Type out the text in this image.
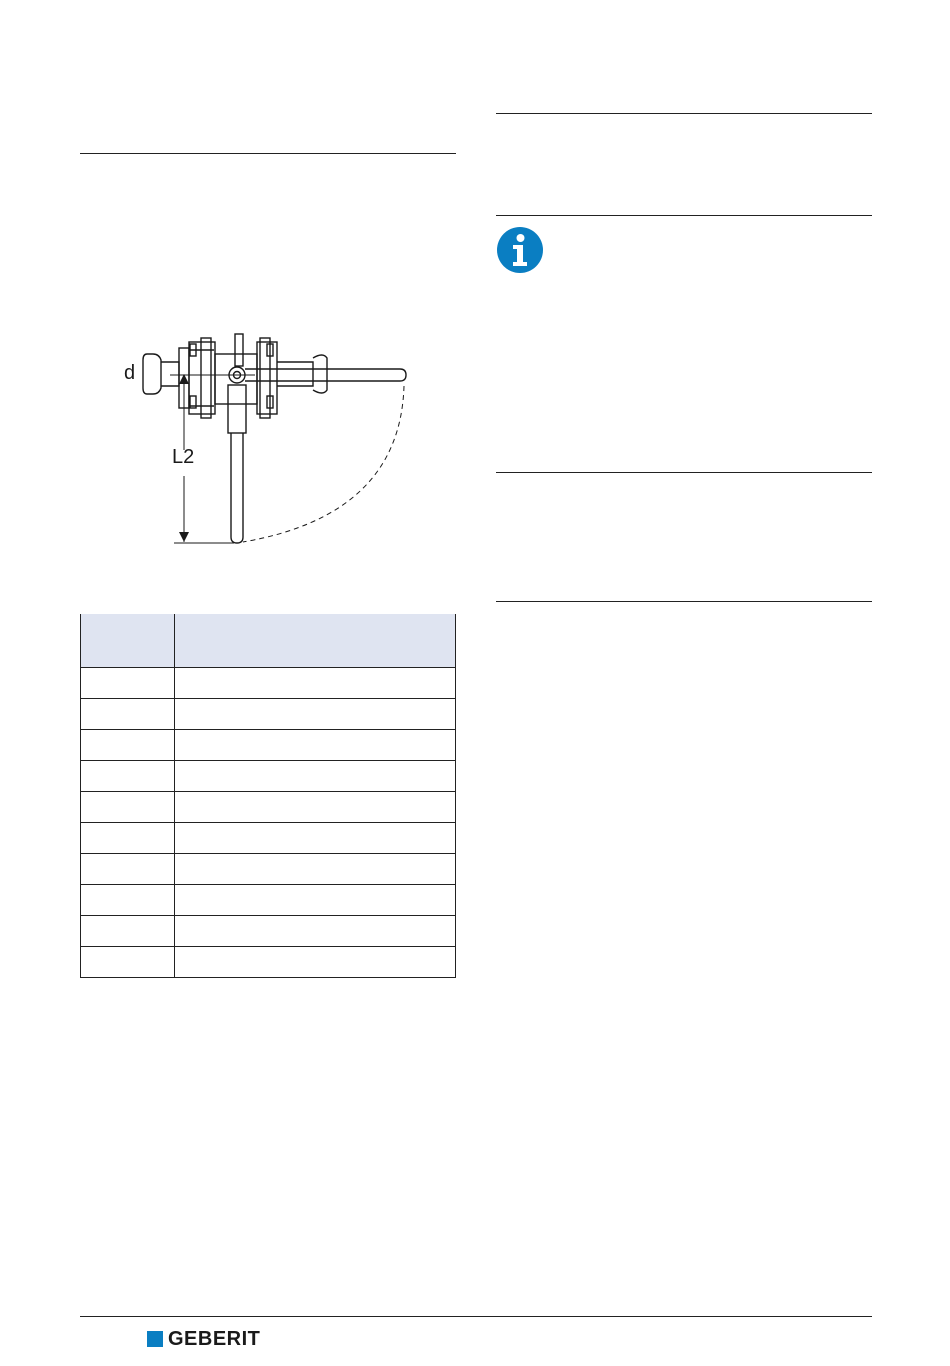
d
L2

GEBERIT
